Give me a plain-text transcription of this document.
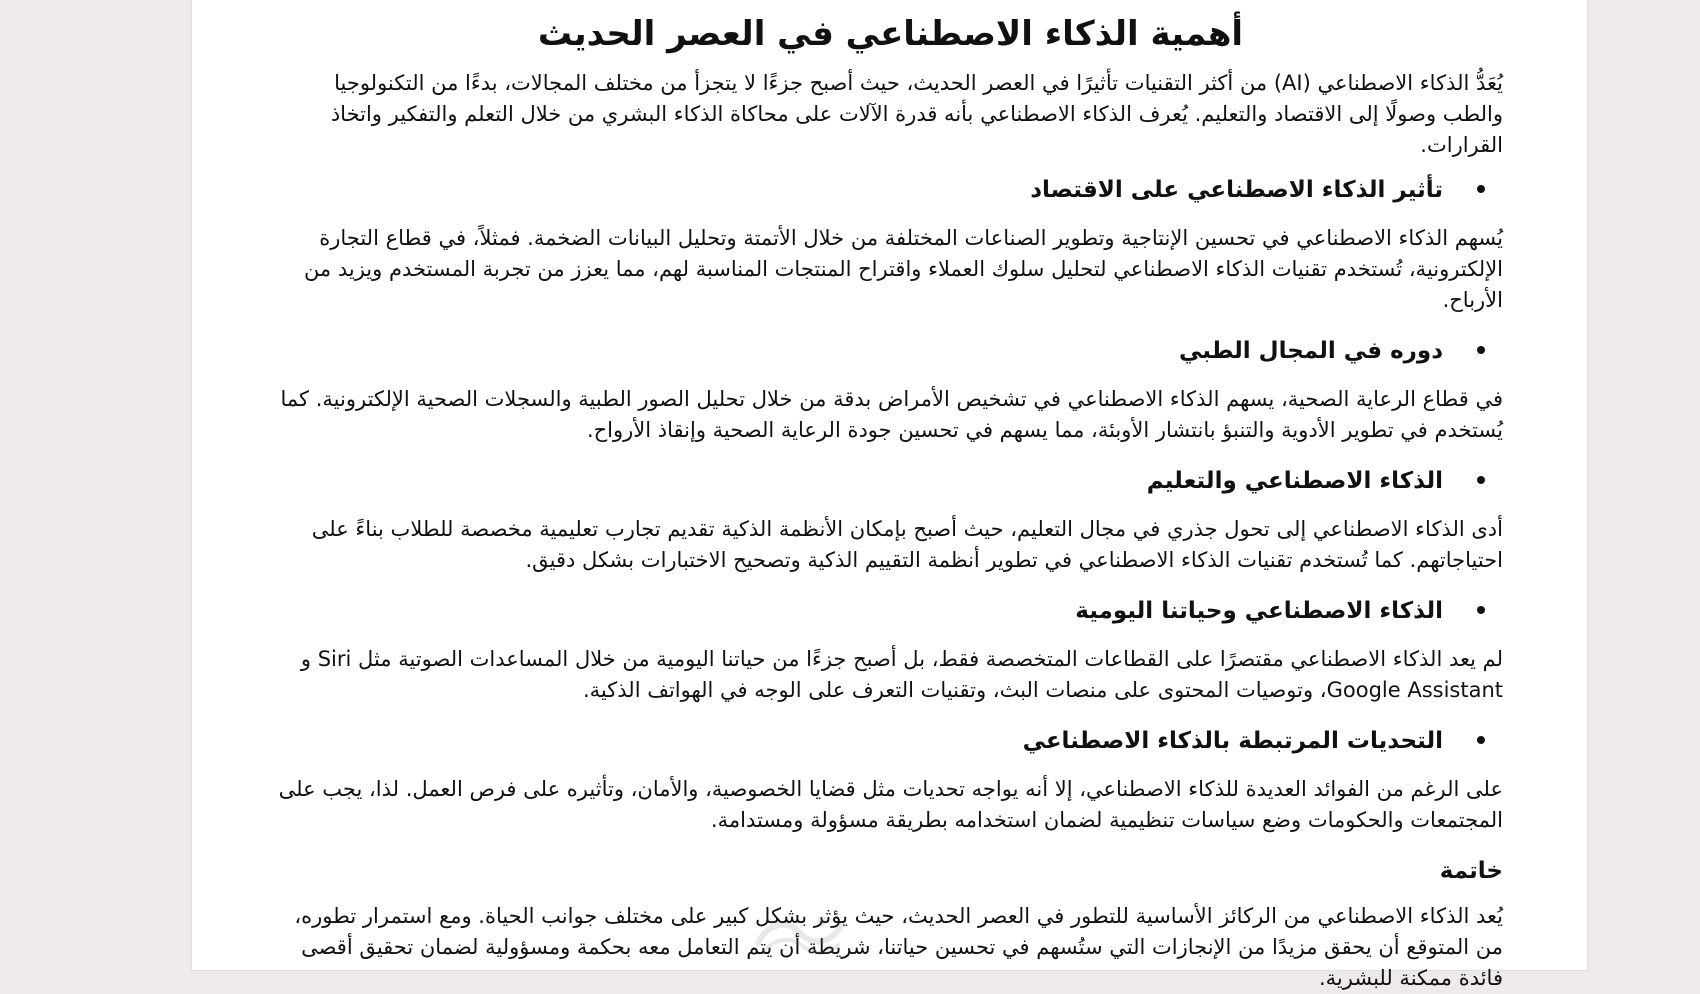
أهمية الذكاء الاصطناعي في العصر الحديث

يُعَدُّ الذكاء الاصطناعي (AI) من أكثر التقنيات تأثيرًا في العصر الحديث، حيث أصبح جزءًا لا يتجزأ من مختلف المجالات، بدءًا من التكنولوجيا والطب وصولًا إلى الاقتصاد والتعليم. يُعرف الذكاء الاصطناعي بأنه قدرة الآلات على محاكاة الذكاء البشري من خلال التعلم والتفكير واتخاذ القرارات.

تأثير الذكاء الاصطناعي على الاقتصاد

يُسهم الذكاء الاصطناعي في تحسين الإنتاجية وتطوير الصناعات المختلفة من خلال الأتمتة وتحليل البيانات الضخمة. فمثلاً، في قطاع التجارة الإلكترونية، تُستخدم تقنيات الذكاء الاصطناعي لتحليل سلوك العملاء واقتراح المنتجات المناسبة لهم، مما يعزز من تجربة المستخدم ويزيد من الأرباح.

دوره في المجال الطبي

في قطاع الرعاية الصحية، يسهم الذكاء الاصطناعي في تشخيص الأمراض بدقة من خلال تحليل الصور الطبية والسجلات الصحية الإلكترونية. كما يُستخدم في تطوير الأدوية والتنبؤ بانتشار الأوبئة، مما يسهم في تحسين جودة الرعاية الصحية وإنقاذ الأرواح.

الذكاء الاصطناعي والتعليم

أدى الذكاء الاصطناعي إلى تحول جذري في مجال التعليم، حيث أصبح بإمكان الأنظمة الذكية تقديم تجارب تعليمية مخصصة للطلاب بناءً على احتياجاتهم. كما تُستخدم تقنيات الذكاء الاصطناعي في تطوير أنظمة التقييم الذكية وتصحيح الاختبارات بشكل دقيق.

الذكاء الاصطناعي وحياتنا اليومية

لم يعد الذكاء الاصطناعي مقتصرًا على القطاعات المتخصصة فقط، بل أصبح جزءًا من حياتنا اليومية من خلال المساعدات الصوتية مثل Siri و Google Assistant، وتوصيات المحتوى على منصات البث، وتقنيات التعرف على الوجه في الهواتف الذكية.

التحديات المرتبطة بالذكاء الاصطناعي

على الرغم من الفوائد العديدة للذكاء الاصطناعي، إلا أنه يواجه تحديات مثل قضايا الخصوصية، والأمان، وتأثيره على فرص العمل. لذا، يجب على المجتمعات والحكومات وضع سياسات تنظيمية لضمان استخدامه بطريقة مسؤولة ومستدامة.

خاتمة

يُعد الذكاء الاصطناعي من الركائز الأساسية للتطور في العصر الحديث، حيث يؤثر بشكل كبير على مختلف جوانب الحياة. ومع استمرار تطوره، من المتوقع أن يحقق مزيدًا من الإنجازات التي ستُسهم في تحسين حياتنا، شريطة أن يتم التعامل معه بحكمة ومسؤولية لضمان تحقيق أقصى فائدة ممكنة للبشرية.
